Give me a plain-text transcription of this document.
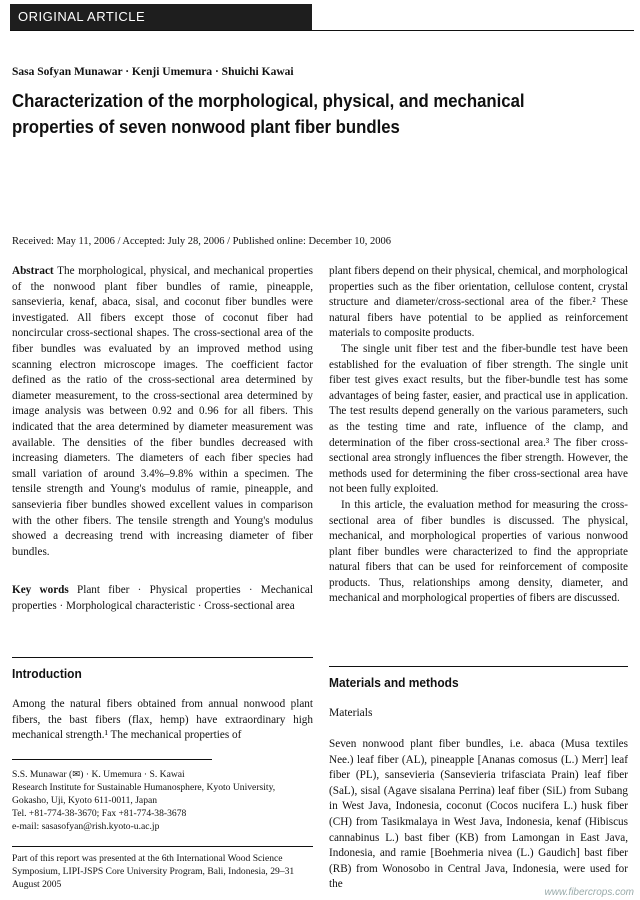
ORIGINAL ARTICLE
Sasa Sofyan Munawar · Kenji Umemura · Shuichi Kawai
Characterization of the morphological, physical, and mechanical properties of seven nonwood plant fiber bundles
Received: May 11, 2006 / Accepted: July 28, 2006 / Published online: December 10, 2006

Abstract The morphological, physical, and mechanical properties of the nonwood plant fiber bundles of ramie, pineapple, sansevieria, kenaf, abaca, sisal, and coconut fiber bundles were investigated. All fibers except those of coconut fiber had noncircular cross-sectional shapes. The cross-sectional area of the fiber bundles was evaluated by an improved method using scanning electron microscope images. The coefficient factor defined as the ratio of the cross-sectional area determined by diameter measurement, to the cross-sectional area determined by image analysis was between 0.92 and 0.96 for all fibers. This indicated that the area determined by diameter measurement was available. The densities of the fiber bundles decreased with increasing diameters. The diameters of each fiber species had small variation of around 3.4%–9.8% within a specimen. The tensile strength and Young's modulus of ramie, pineapple, and sansevieria fiber bundles showed excellent values in comparison with the other fibers. The tensile strength and Young's modulus showed a decreasing trend with increasing diameter of fiber bundles.

Key words Plant fiber · Physical properties · Mechanical properties · Morphological characteristic · Cross-sectional area

Introduction

Among the natural fibers obtained from annual nonwood plant fibers, the bast fibers (flax, hemp) have extraordinary high mechanical strength.¹ The mechanical properties of

S.S. Munawar (✉) · K. Umemura · S. Kawai
Research Institute for Sustainable Humanosphere, Kyoto University, Gokasho, Uji, Kyoto 611-0011, Japan
Tel. +81-774-38-3670; Fax +81-774-38-3678
e-mail: sasasofyan@rish.kyoto-u.ac.jp
Part of this report was presented at the 6th International Wood Science Symposium, LIPI-JSPS Core University Program, Bali, Indonesia, 29–31 August 2005

plant fibers depend on their physical, chemical, and morphological properties such as the fiber orientation, cellulose content, crystal structure and diameter/cross-sectional area of the fiber.² These natural fibers have potential to be applied as reinforcement materials to composite products.

The single unit fiber test and the fiber-bundle test have been established for the evaluation of fiber strength. The single unit fiber test gives exact results, but the fiber-bundle test has some advantages of being faster, easier, and practical use in application. The test results depend generally on the various parameters, such as the testing time and rate, influence of the clamp, and determination of the fiber cross-sectional area.³ The fiber cross-sectional area strongly influences the fiber strength. However, the methods used for determining the fiber cross-sectional area have not been fully exploited.

In this article, the evaluation method for measuring the cross-sectional area of fiber bundles is discussed. The physical, mechanical, and morphological properties of various nonwood plant fiber bundles were characterized to find the appropriate natural fibers that can be used for reinforcement of composite products. Thus, relationships among density, diameter, and mechanical and morphological properties of fibers are discussed.

Materials and methods
Materials

Seven nonwood plant fiber bundles, i.e. abaca (Musa textiles Nee.) leaf fiber (AL), pineapple [Ananas comosus (L.) Merr] leaf fiber (PL), sansevieria (Sansevieria trifasciata Prain) leaf fiber (SaL), sisal (Agave sisalana Perrina) leaf fiber (SiL) from Subang in West Java, Indonesia, coconut (Cocos nucifera L.) husk fiber (CH) from Tasikmalaya in West Java, Indonesia, kenaf (Hibiscus cannabinus L.) bast fiber (KB) from Lamongan in East Java, Indonesia, and ramie [Boehmeria nivea (L.) Gaudich] bast fiber (RB) from Wonosobo in Central Java, Indonesia, were used for the

www.fibercrops.com
